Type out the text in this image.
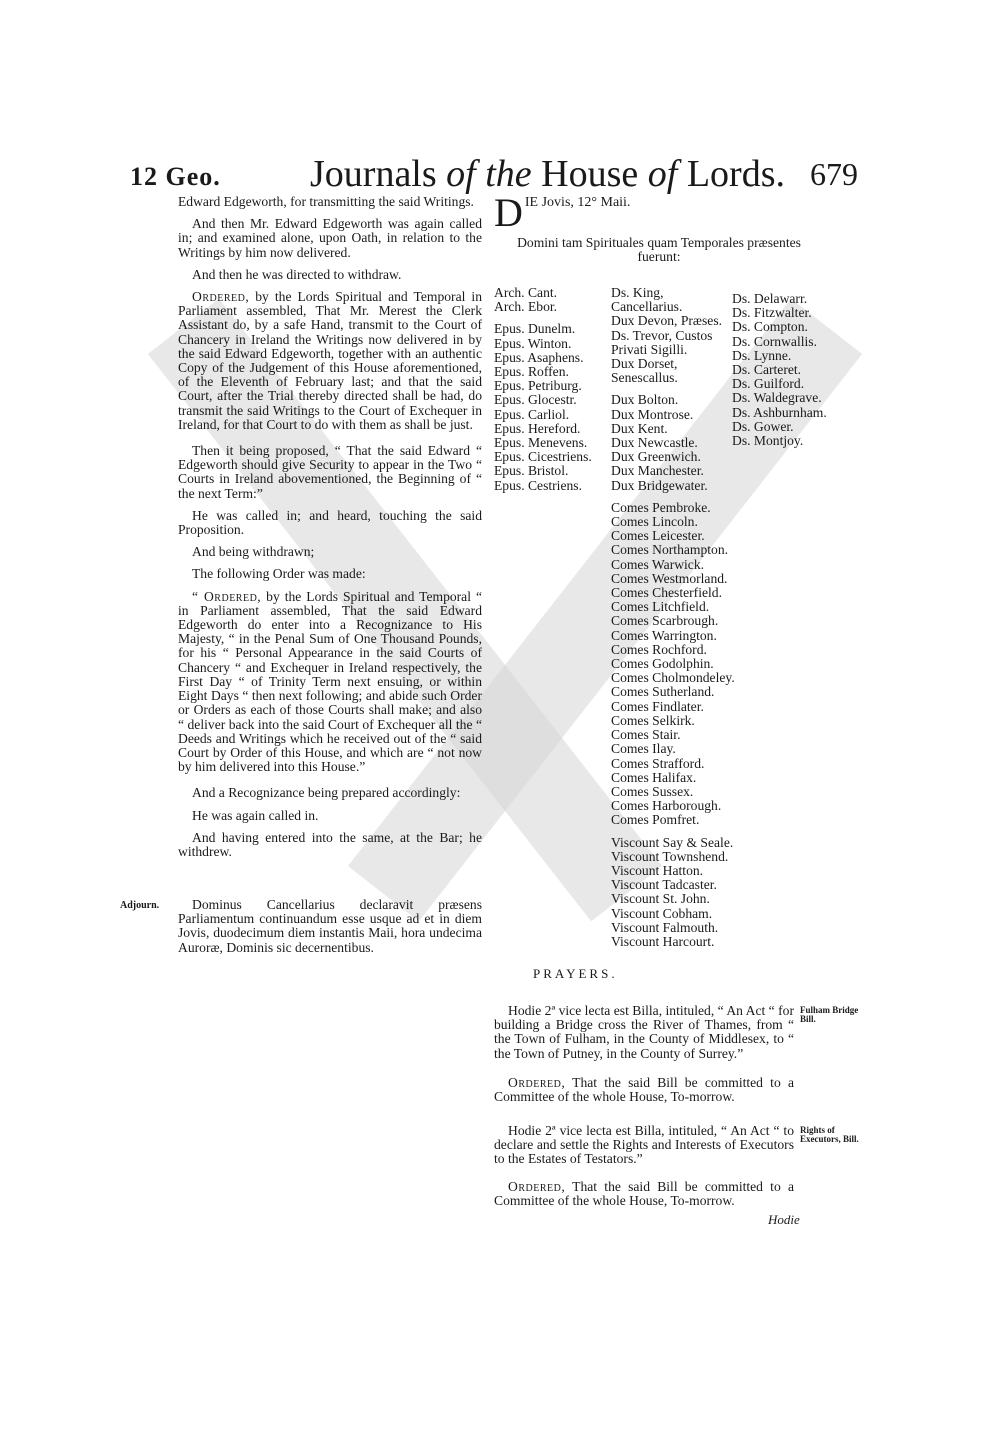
12 Geo. Journals of the House of Lords. 679

Edward Edgeworth, for transmitting the said Writings.

And then Mr. Edward Edgeworth was again called in; and examined alone, upon Oath, in relation to the Writings by him now delivered.

And then he was directed to withdraw.

Ordered, by the Lords Spiritual and Temporal in Parliament assembled, That Mr. Merest the Clerk Assistant do, by a safe Hand, transmit to the Court of Chancery in Ireland the Writings now delivered in by the said Edward Edgeworth, together with an authentic Copy of the Judgement of this House aforementioned, of the Eleventh of February last; and that the said Court, after the Trial thereby directed shall be had, do transmit the said Writings to the Court of Exchequer in Ireland, for that Court to do with them as shall be just.

Then it being proposed, “ That the said Edward “ Edgeworth should give Security to appear in the Two “ Courts in Ireland abovementioned, the Beginning of “ the next Term:”

He was called in; and heard, touching the said Proposition.

And being withdrawn;

The following Order was made:

“ Ordered, by the Lords Spiritual and Temporal “ in Parliament assembled, That the said Edward Edgeworth do enter into a Recognizance to His Majesty, “ in the Penal Sum of One Thousand Pounds, for his “ Personal Appearance in the said Courts of Chancery “ and Exchequer in Ireland respectively, the First Day “ of Trinity Term next ensuing, or within Eight Days “ then next following; and abide such Order or Orders as each of those Courts shall make; and also “ deliver back into the said Court of Exchequer all the “ Deeds and Writings which he received out of the “ said Court by Order of this House, and which are “ not now by him delivered into this House.”

And a Recognizance being prepared accordingly:

He was again called in.

And having entered into the same, at the Bar; he withdrew.

Adjourn.	Dominus Cancellarius declaravit præsens Parliamentum continuandum esse usque ad et in diem Jovis, duodecimum diem instantis Maii, hora undecima Auroræ, Dominis sic decernentibus.

D IE Jovis, 12° Maii.

Domini tam Spirituales quam Temporales præsentes fuerunt:

Arch. Cant.
Arch. Ebor.
Epus. Dunelm.
Epus. Winton.
Epus. Asaphens.
Epus. Roffen.
Epus. Petriburg.
Epus. Glocestr.
Epus. Carliol.
Epus. Hereford.
Epus. Menevens.
Epus. Cicestriens.
Epus. Bristol.
Epus. Cestriens.
Ds. King, Cancellarius.
Dux Devon, Præses.
Ds. Trevor, Custos Privati Sigilli.
Dux Dorset, Senescallus.
Dux Bolton.
Dux Montrose.
Dux Kent.
Dux Newcastle.
Dux Greenwich.
Dux Manchester.
Dux Bridgewater.
Comes Pembroke.
Comes Lincoln.
Comes Leicester.
Comes Northampton.
Comes Warwick.
Comes Westmorland.
Comes Chesterfield.
Comes Litchfield.
Comes Scarbrough.
Comes Warrington.
Comes Rochford.
Comes Godolphin.
Comes Cholmondeley.
Comes Sutherland.
Comes Findlater.
Comes Selkirk.
Comes Stair.
Comes Ilay.
Comes Strafford.
Comes Halifax.
Comes Sussex.
Comes Harborough.
Comes Pomfret.
Viscount Say & Seale.
Viscount Townshend.
Viscount Hatton.
Viscount Tadcaster.
Viscount St. John.
Viscount Cobham.
Viscount Falmouth.
Viscount Harcourt.
Ds. Delawarr.
Ds. Fitzwalter.
Ds. Compton.
Ds. Cornwallis.
Ds. Lynne.
Ds. Carteret.
Ds. Guilford.
Ds. Waldegrave.
Ds. Ashburnham.
Ds. Gower.
Ds. Montjoy.
PRAYERS.

Hodie 2ª vice lecta est Billa, intituled, “ An Act “ for building a Bridge cross the River of Thames, from “ the Town of Fulham, in the County of Middlesex, to “ the Town of Putney, in the County of Surrey.”

Fulham Bridge Bill.

Ordered, That the said Bill be committed to a Committee of the whole House, To-morrow.

Hodie 2ª vice lecta est Billa, intituled, “ An Act “ to declare and settle the Rights and Interests of Executors to the Estates of Testators.”

Rights of Executors, Bill.

Ordered, That the said Bill be committed to a Committee of the whole House, To-morrow.

Hodie
